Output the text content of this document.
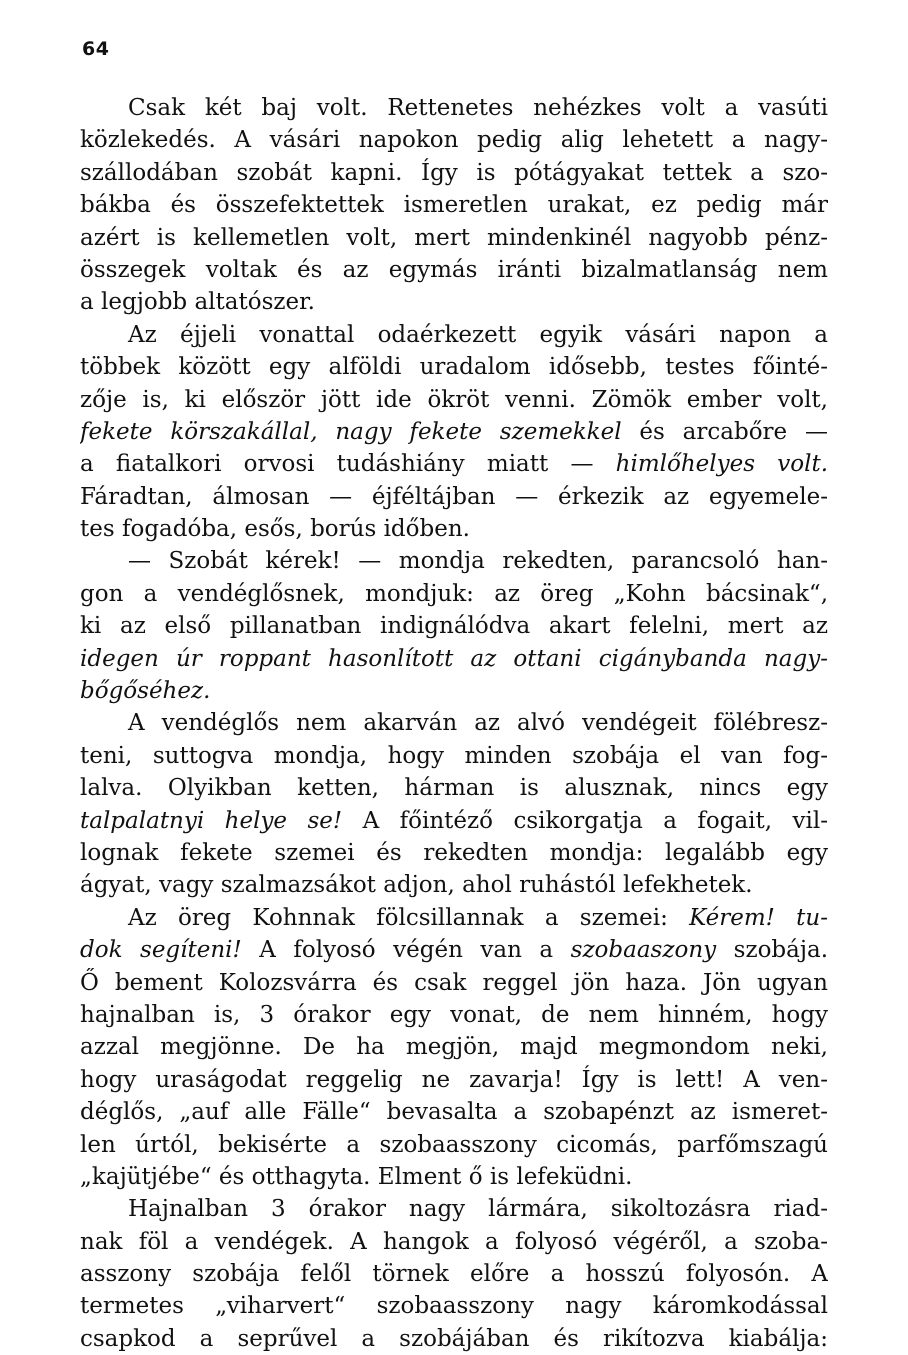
64
Csak két baj volt. Rettenetes nehézkes volt a vasúti
közlekedés. A vásári napokon pedig alig lehetett a nagy-
szállodában szobát kapni. Így is pótágyakat tettek a szo-
bákba és összefektettek ismeretlen urakat, ez pedig már
azért is kellemetlen volt, mert mindenkinél nagyobb pénz-
összegek voltak és az egymás iránti bizalmatlanság nem
a legjobb altatószer.
Az éjjeli vonattal odaérkezett egyik vásári napon a
többek között egy alföldi uradalom idősebb, testes főinté-
zője is, ki először jött ide ökröt venni. Zömök ember volt,
fekete körszakállal, nagy fekete szemekkel és arcabőre —
a fiatalkori orvosi tudáshiány miatt — himlőhelyes volt.
Fáradtan, álmosan — éjféltájban — érkezik az egyemele-
tes fogadóba, esős, borús időben.
— Szobát kérek! — mondja rekedten, parancsoló han-
gon a vendéglősnek, mondjuk: az öreg „Kohn bácsinak“,
ki az első pillanatban indignálódva akart felelni, mert az
idegen úr roppant hasonlított az ottani cigánybanda nagy-
bőgőséhez.
A vendéglős nem akarván az alvó vendégeit fölébresz-
teni, suttogva mondja, hogy minden szobája el van fog-
lalva. Olyikban ketten, hárman is alusznak, nincs egy
talpalatnyi helye se! A főintéző csikorgatja a fogait, vil-
lognak fekete szemei és rekedten mondja: legalább egy
ágyat, vagy szalmazsákot adjon, ahol ruhástól lefekhetek.
Az öreg Kohnnak fölcsillannak a szemei: Kérem! tu-
dok segíteni! A folyosó végén van a szobaaszony szobája.
Ő bement Kolozsvárra és csak reggel jön haza. Jön ugyan
hajnalban is, 3 órakor egy vonat, de nem hinném, hogy
azzal megjönne. De ha megjön, majd megmondom neki,
hogy uraságodat reggelig ne zavarja! Így is lett! A ven-
déglős, „auf alle Fälle“ bevasalta a szobapénzt az ismeret-
len úrtól, bekisérte a szobaasszony cicomás, parfőmszagú
„kajütjébe“ és otthagyta. Elment ő is lefeküdni.
Hajnalban 3 órakor nagy lármára, sikoltozásra riad-
nak föl a vendégek. A hangok a folyosó végéről, a szoba-
asszony szobája felől törnek előre a hosszú folyosón. A
termetes „viharvert“ szobaasszony nagy káromkodással
csapkod a seprűvel a szobájában és rikítozva kiabálja:
